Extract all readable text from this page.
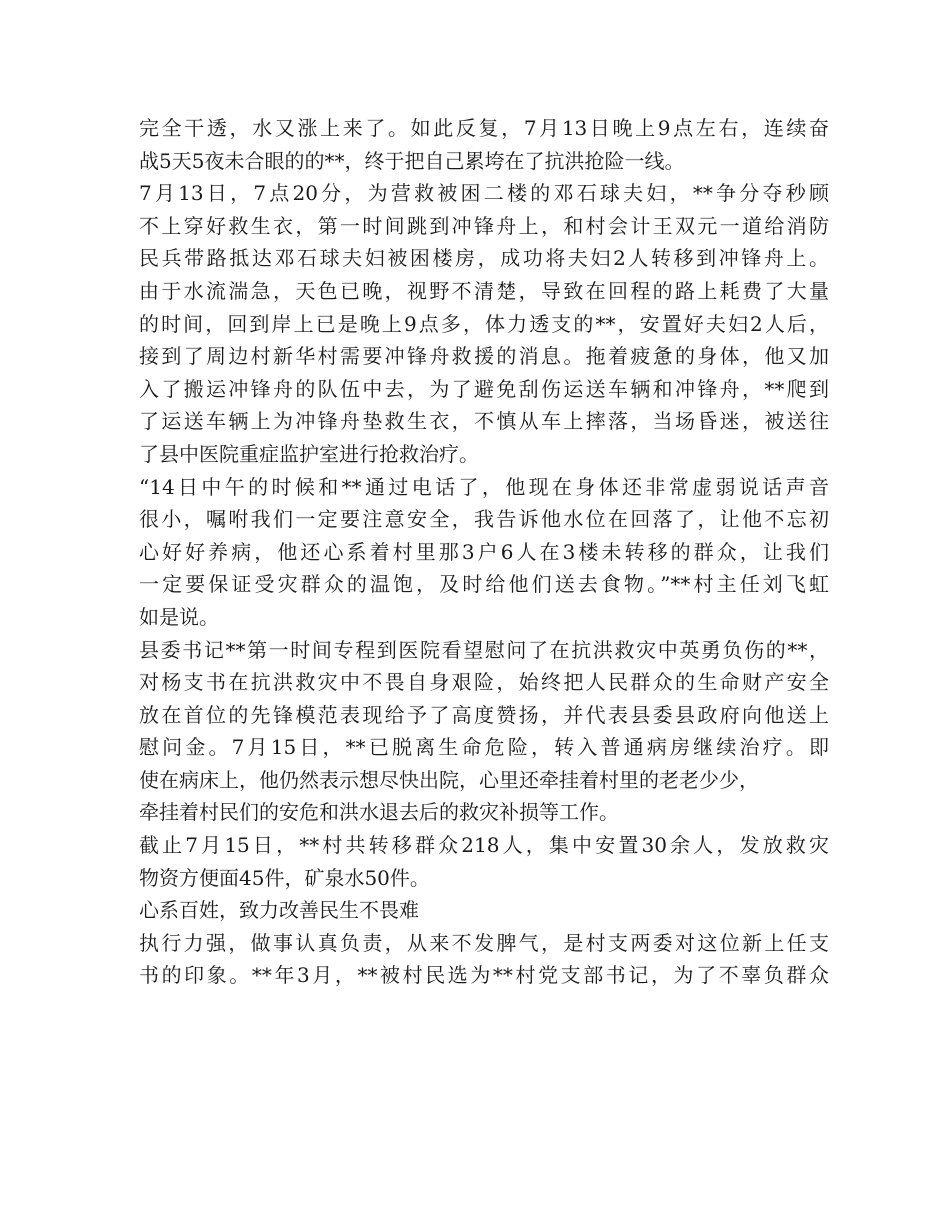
完全干透，水又涨上来了。如此反复，7月13日晚上9点左右，连续奋
战5天5夜未合眼的的**，终于把自己累垮在了抗洪抢险一线。
7月13日，7点20分，为营救被困二楼的邓石球夫妇，**争分夺秒顾
不上穿好救生衣，第一时间跳到冲锋舟上，和村会计王双元一道给消防
民兵带路抵达邓石球夫妇被困楼房，成功将夫妇2人转移到冲锋舟上。
由于水流湍急，天色已晚，视野不清楚，导致在回程的路上耗费了大量
的时间，回到岸上已是晚上9点多，体力透支的**，安置好夫妇2人后，
接到了周边村新华村需要冲锋舟救援的消息。拖着疲惫的身体，他又加
入了搬运冲锋舟的队伍中去，为了避免刮伤运送车辆和冲锋舟，**爬到
了运送车辆上为冲锋舟垫救生衣，不慎从车上摔落，当场昏迷，被送往
了县中医院重症监护室进行抢救治疗。
“14日中午的时候和**通过电话了，他现在身体还非常虚弱说话声音
很小，嘱咐我们一定要注意安全，我告诉他水位在回落了，让他不忘初
心好好养病，他还心系着村里那3户6人在3楼未转移的群众，让我们
一定要保证受灾群众的温饱，及时给他们送去食物。”**村主任刘飞虹
如是说。
县委书记**第一时间专程到医院看望慰问了在抗洪救灾中英勇负伤的**，
对杨支书在抗洪救灾中不畏自身艰险，始终把人民群众的生命财产安全
放在首位的先锋模范表现给予了高度赞扬，并代表县委县政府向他送上
慰问金。7月15日，**已脱离生命危险，转入普通病房继续治疗。即
使在病床上，他仍然表示想尽快出院，心里还牵挂着村里的老老少少，
牵挂着村民们的安危和洪水退去后的救灾补损等工作。
截止7月15日，**村共转移群众218人，集中安置30余人，发放救灾
物资方便面45件，矿泉水50件。
心系百姓，致力改善民生不畏难
执行力强，做事认真负责，从来不发脾气，是村支两委对这位新上任支
书的印象。**年3月，**被村民选为**村党支部书记，为了不辜负群众
